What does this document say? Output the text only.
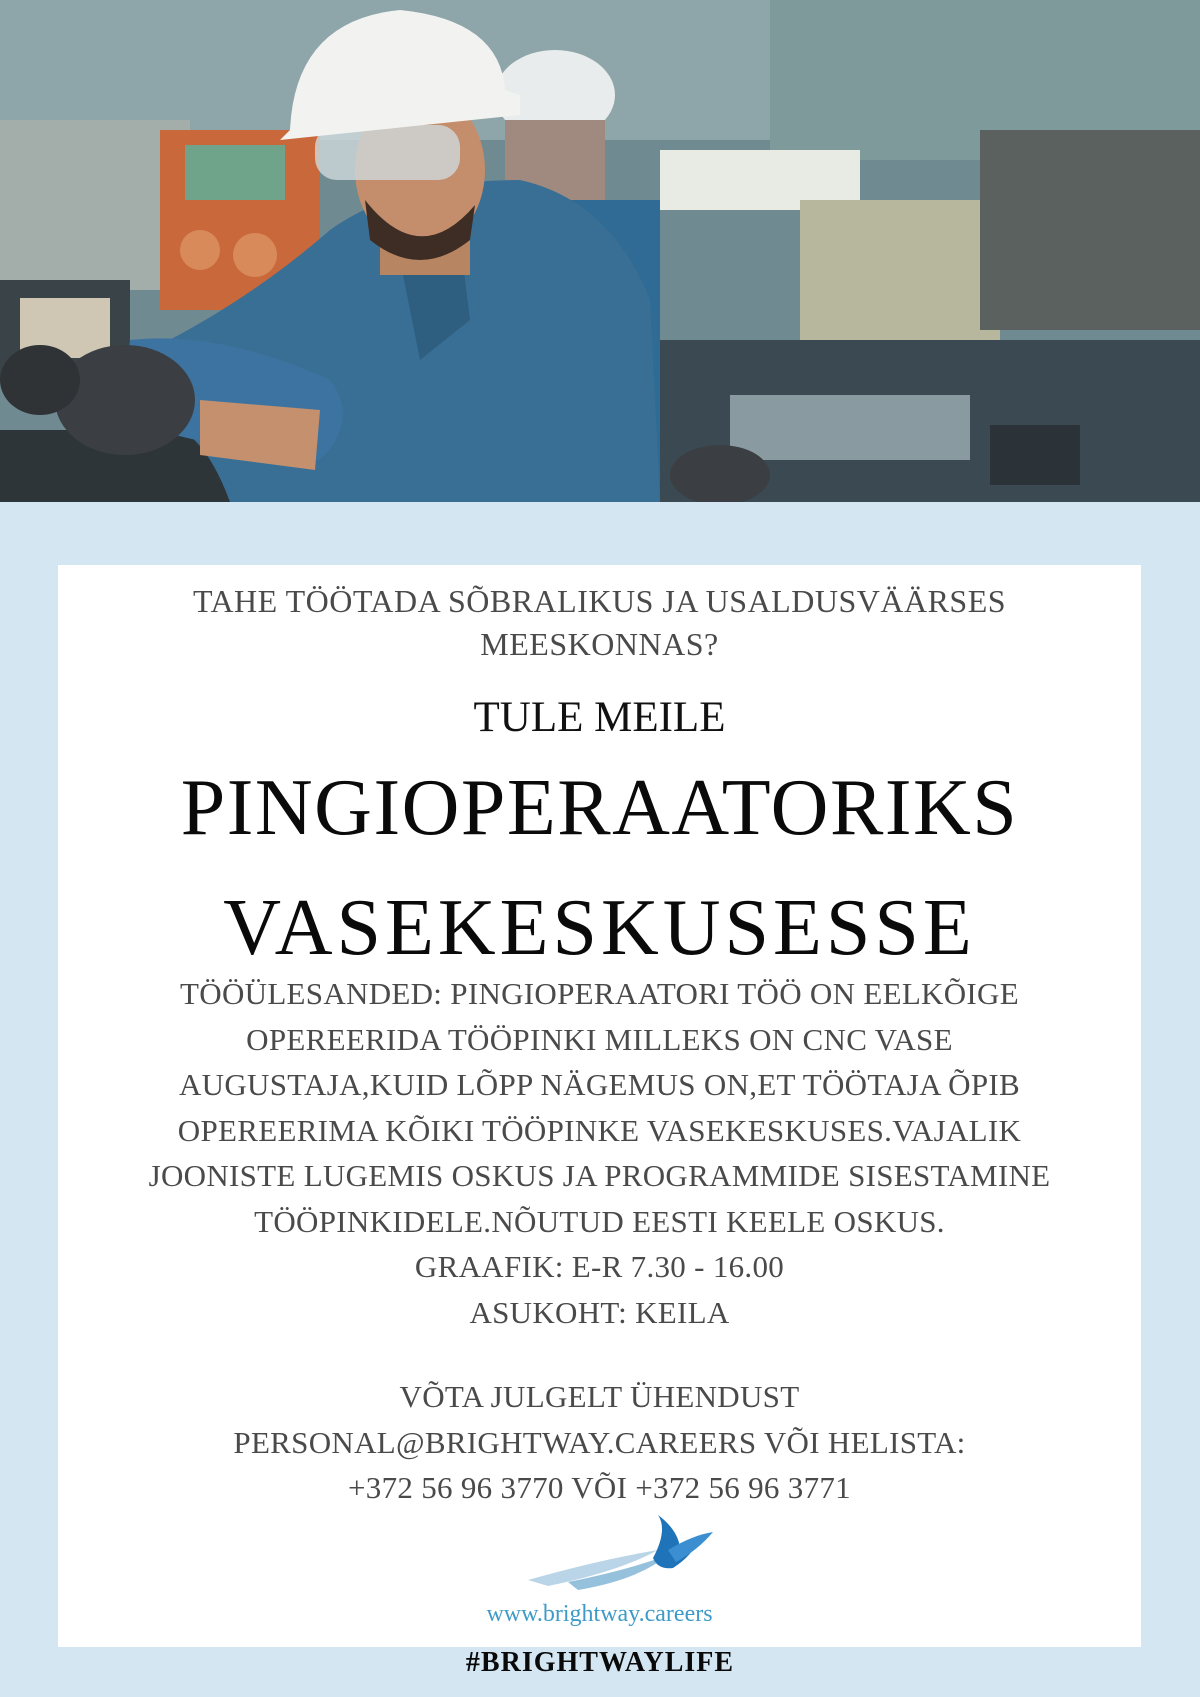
TAHE TÖÖTADA SÕBRALIKUS JA USALDUSVÄÄRSES MEESKONNAS?

TULE MEILE

PINGIOPERAATORIKS

VASEKESKUSESSE

TÖÖÜLESANDED: PINGIOPERAATORI TÖÖ ON EELKÕIGE
OPEREERIDA TÖÖPINKI MILLEKS ON CNC VASE
AUGUSTAJA,KUID LÕPP NÄGEMUS ON,ET TÖÖTAJA ÕPIB
OPEREERIMA KÕIKI TÖÖPINKE VASEKESKUSES.VAJALIK
JOONISTE LUGEMIS OSKUS JA PROGRAMMIDE SISESTAMINE
TÖÖPINKIDELE.NÕUTUD EESTI KEELE OSKUS.
GRAAFIK: E-R 7.30 - 16.00
ASUKOHT: KEILA
VÕTA JULGELT ÜHENDUST
PERSONAL@BRIGHTWAY.CAREERS VÕI HELISTA:
+372 56 96 3770 VÕI +372 56 96 3771

www.brightway.careers

#BRIGHTWAYLIFE
